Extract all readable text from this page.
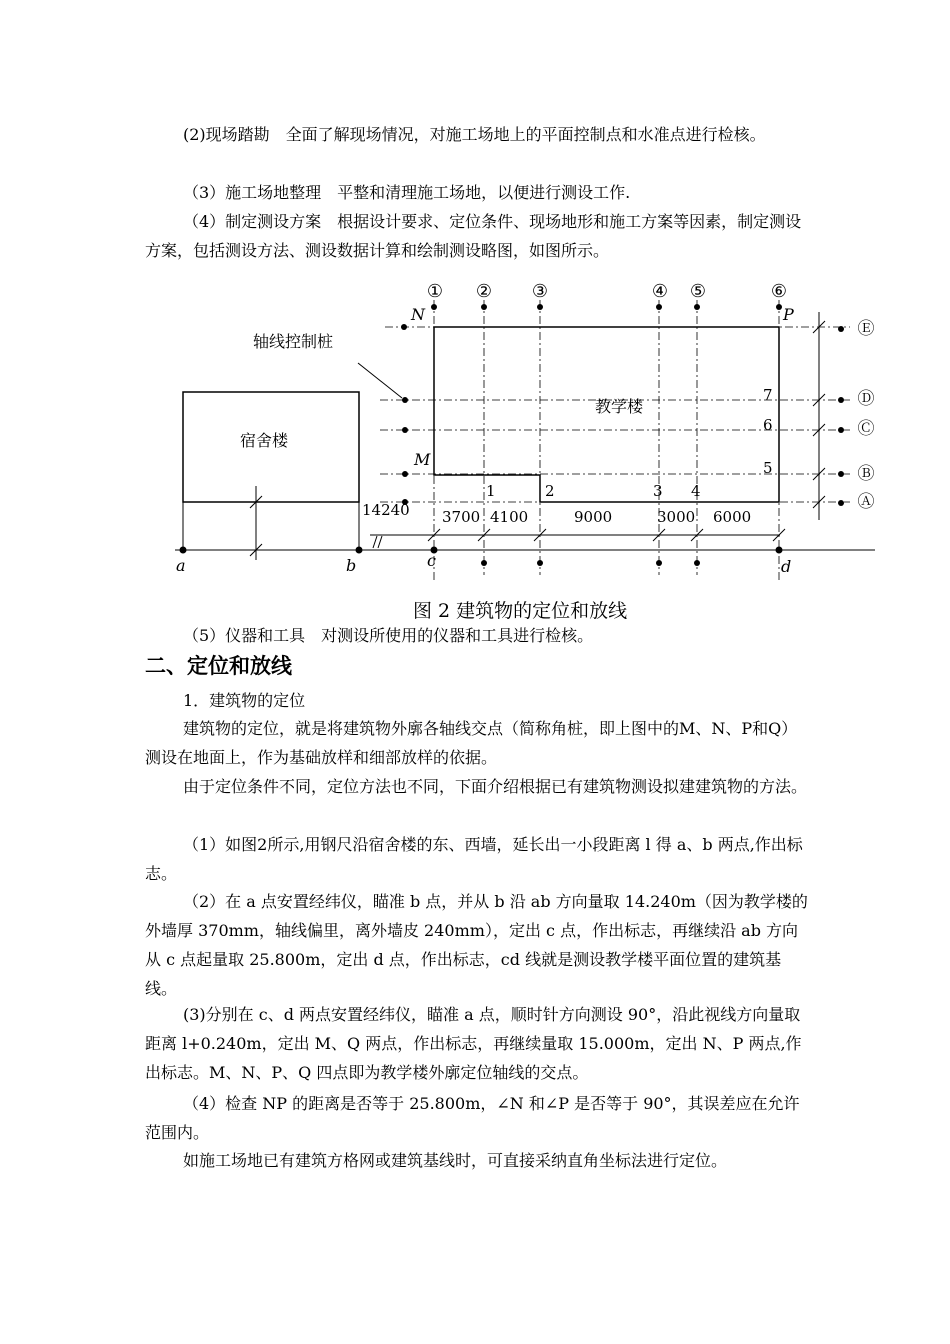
(2)现场踏勘　全面了解现场情况，对施工场地上的平面控制点和水准点进行检核。

（3）施工场地整理　平整和清理施工场地，以便进行测设工作.

（4）制定测设方案　根据设计要求、定位条件、现场地形和施工方案等因素，制定测设方案，包括测设方法、测设数据计算和绘制测设略图，如图所示。

轴线控制桩
宿舍楼
教学楼
N	P
M
a	b	c	d
① ② ③	④ ⑤	⑥
Ⓔ
Ⓓ
Ⓒ
Ⓑ
Ⓐ
1	2	3 4
7
6
5
14240 3700 4100	9000	3000 6000

图 2 建筑物的定位和放线

（5）仪器和工具　对测设所使用的仪器和工具进行检核。

二、定位和放线

1．建筑物的定位

建筑物的定位，就是将建筑物外廓各轴线交点（简称角桩，即上图中的M、N、P和Q）测设在地面上，作为基础放样和细部放样的依据。

由于定位条件不同，定位方法也不同，下面介绍根据已有建筑物测设拟建建筑物的方法。

（1）如图2所示,用钢尺沿宿舍楼的东、西墙，延长出一小段距离 l 得 a、b 两点,作出标志。

（2）在 a 点安置经纬仪，瞄准 b 点，并从 b 沿 ab 方向量取 14.240m（因为教学楼的外墙厚 370mm，轴线偏里，离外墙皮 240mm），定出 c 点，作出标志，再继续沿 ab 方向从 c 点起量取 25.800m，定出 d 点，作出标志，cd 线就是测设教学楼平面位置的建筑基线。

(3)分别在 c、d 两点安置经纬仪，瞄准 a 点，顺时针方向测设 90°，沿此视线方向量取距离 l+0.240m，定出 M、Q 两点，作出标志，再继续量取 15.000m，定出 N、P 两点,作出标志。M、N、P、Q 四点即为教学楼外廓定位轴线的交点。

（4）检查 NP 的距离是否等于 25.800m，∠N 和∠P 是否等于 90°，其误差应在允许范围内。

如施工场地已有建筑方格网或建筑基线时，可直接采纳直角坐标法进行定位。
